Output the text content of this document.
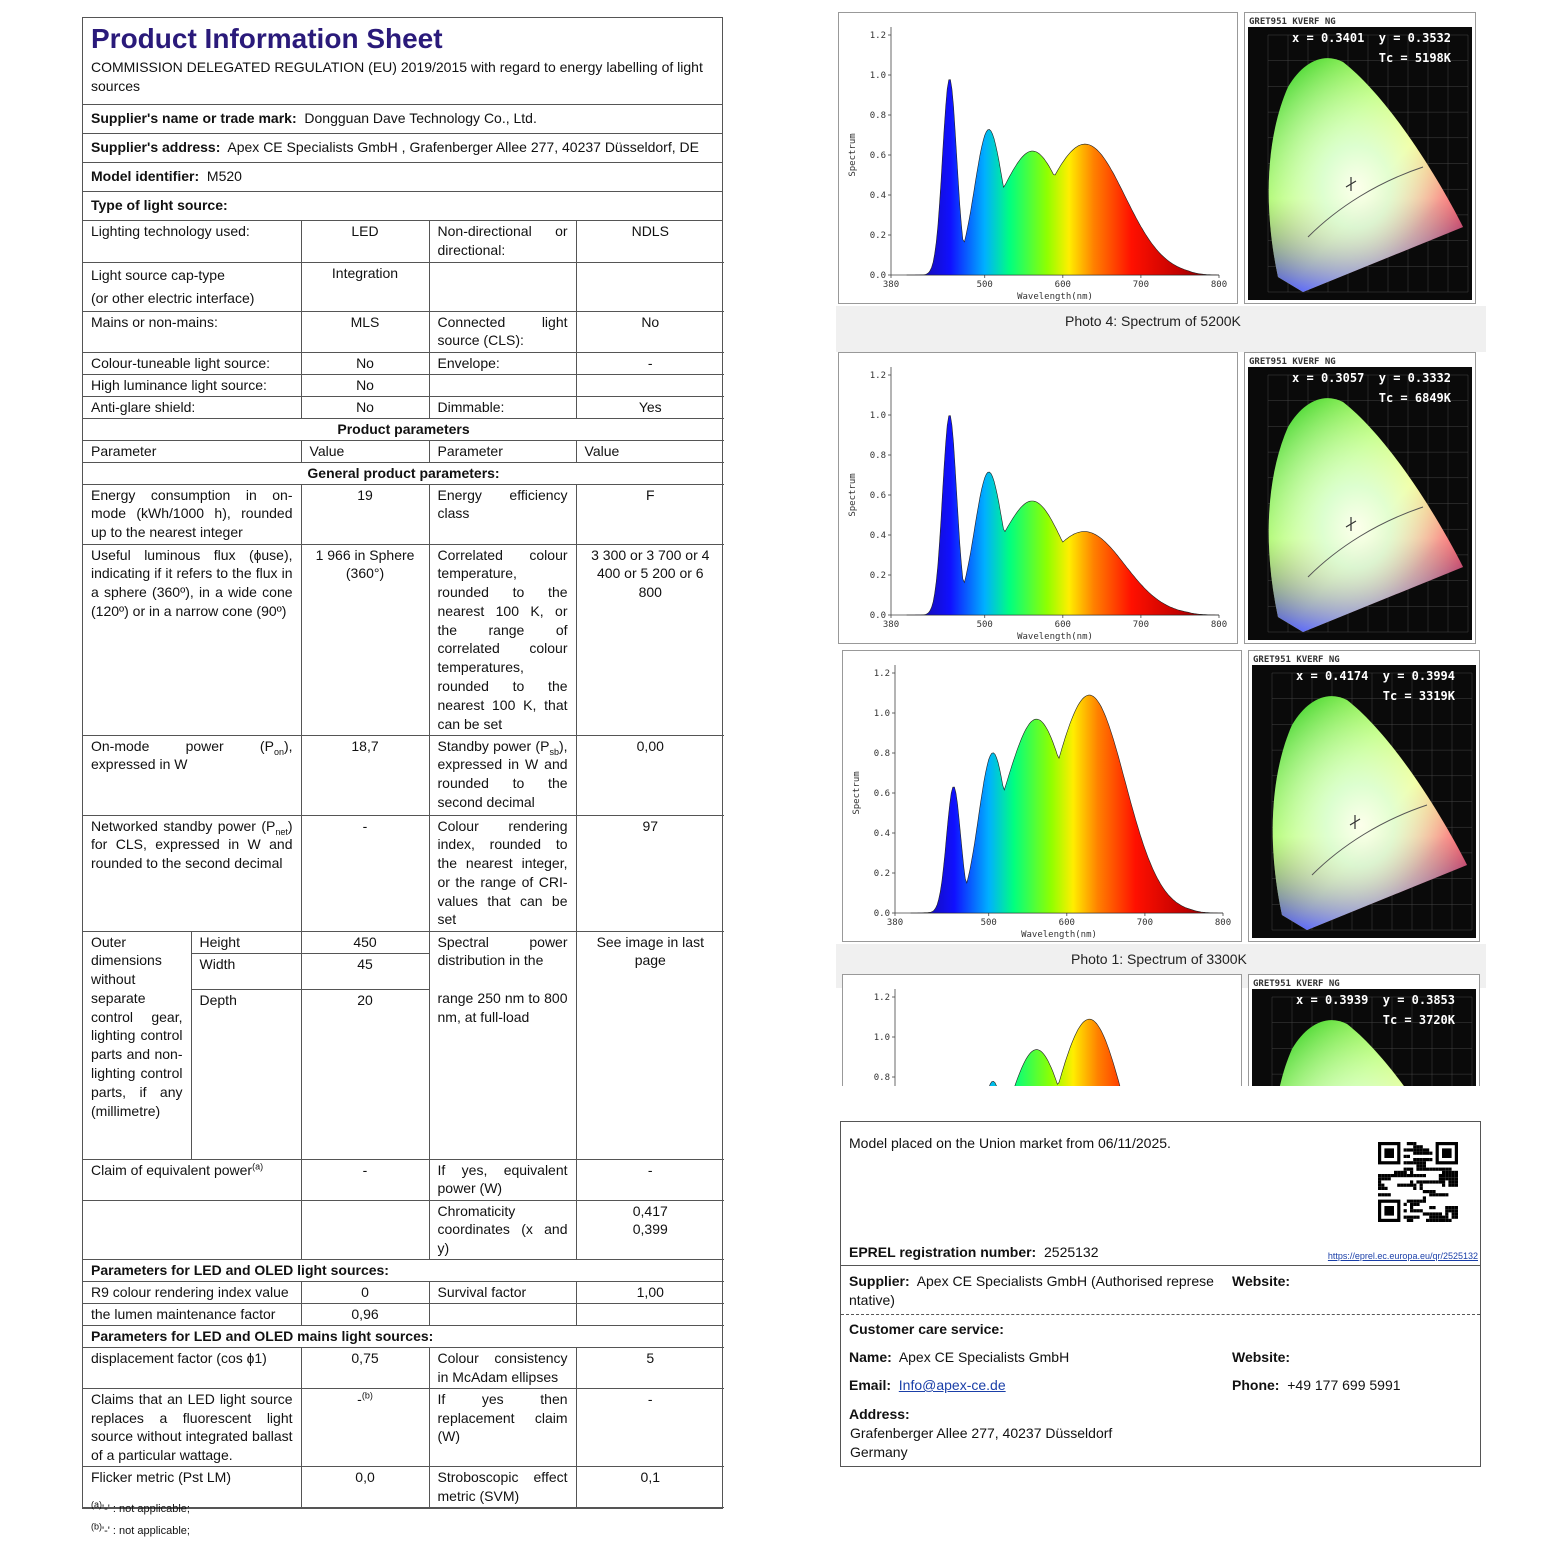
Product Information Sheet
COMMISSION DELEGATED REGULATION (EU) 2019/2015 with regard to energy labelling of light sources
Supplier's name or trade mark: Dongguan Dave Technology Co., Ltd.
Supplier's address: Apex CE Specialists GmbH , Grafenberger Allee 277, 40237 Düsseldorf, DE
Model identifier: M520
Type of light source:
Lighting technology used:		LED	Non-directional or directional:	NDLS
Light source cap-type
(or other electric interface)		Integration		
Mains or non-mains:		MLS	Connected light source (CLS):	No
Colour-tuneable light source:		No	Envelope:	-
High luminance light source:		No		
Anti-glare shield:		No	Dimmable:	Yes
Product parameters				
Parameter		Value	Parameter	Value
General product parameters:				
Energy consumption in on-mode (kWh/1000 h), rounded up to the nearest integer		19	Energy efficiency class	F
Useful luminous flux (ɸuse), indicating if it refers to the flux in a sphere (360º), in a wide cone (120º) or in a narrow cone (90º)		1 966 in Sphere (360°)	Correlated colour temperature, rounded to the nearest 100 K, or the range of correlated colour temperatures, rounded to the nearest 100 K, that can be set	3 300 or 3 700 or 4 400 or 5 200 or 6 800
On-mode power $(P_{on})$, expressed in W		18,7	Standby power $(P_{sb})$, expressed in W and rounded to the second decimal	0,00
Networked standby power $(P_{net})$ for CLS, expressed in W and rounded to the second decimal		-	Colour rendering index, rounded to the nearest integer, or the range of CRI-values that can be set	97
Outer dimensions without separate control gear, lighting control parts and non-lighting control parts, if any (millimetre)	Height	450	Spectral power distribution in the

range 250 nm to 800 nm, at full-load	See image in last page
	Width	45		
	Depth	20		
Claim of equivalent power$^{(a)}$		-	If yes, equivalent power (W)	-
			Chromaticity coordinates (x and y)	0,417
0,399
Parameters for LED and OLED light sources:				
R9 colour rendering index value		0	Survival factor	1,00
the lumen maintenance factor		0,96		
Parameters for LED and OLED mains light sources:				
displacement factor (cos ɸ1)		0,75	Colour consistency in McAdam ellipses	5
Claims that an LED light source replaces a fluorescent light source without integrated ballast of a particular wattage.		-$^{(b)}$	If yes then replacement claim (W)	-
Flicker metric (Pst LM)		0,0	Stroboscopic effect metric (SVM)	0,1
$^{(a)}$'-' : not applicable;
$^{(b)}$'-' : not applicable;
Photo 4: Spectrum of 5200K
Photo 1: Spectrum of 3300K
0.0
0.2
0.4
0.6
0.8
1.0
1.2
380	500	600	700	800
Spectrum
Wavelength(nm)
GRET951 KVERF NG
x = 0.3401  y = 0.3532
Tc = 5198K
0.0
0.2
0.4
0.6
0.8
1.0
1.2
380	500	600	700	800
Spectrum
Wavelength(nm)
GRET951 KVERF NG
x = 0.3057  y = 0.3332
Tc = 6849K
0.0
0.2
0.4
0.6
0.8
1.0
1.2
380	500	600	700	800
Spectrum
Wavelength(nm)
GRET951 KVERF NG
x = 0.4174  y = 0.3994
Tc = 3319K
0.8
1.0
1.2
GRET951 KVERF NG
x = 0.3939  y = 0.3853
Tc = 3720K
Model placed on the Union market from 06/11/2025.
EPREL registration number: 2525132	https://eprel.ec.europa.eu/qr/2525132
Supplier: Apex CE Specialists GmbH (Authorised represe ntative)
Website:
Customer care service:
Name: Apex CE Specialists GmbH	Website:
Email: Info@apex-ce.de	Phone: +49 177 699 5991
Address:
Grafenberger Allee 277, 40237 Düsseldorf
Germany
